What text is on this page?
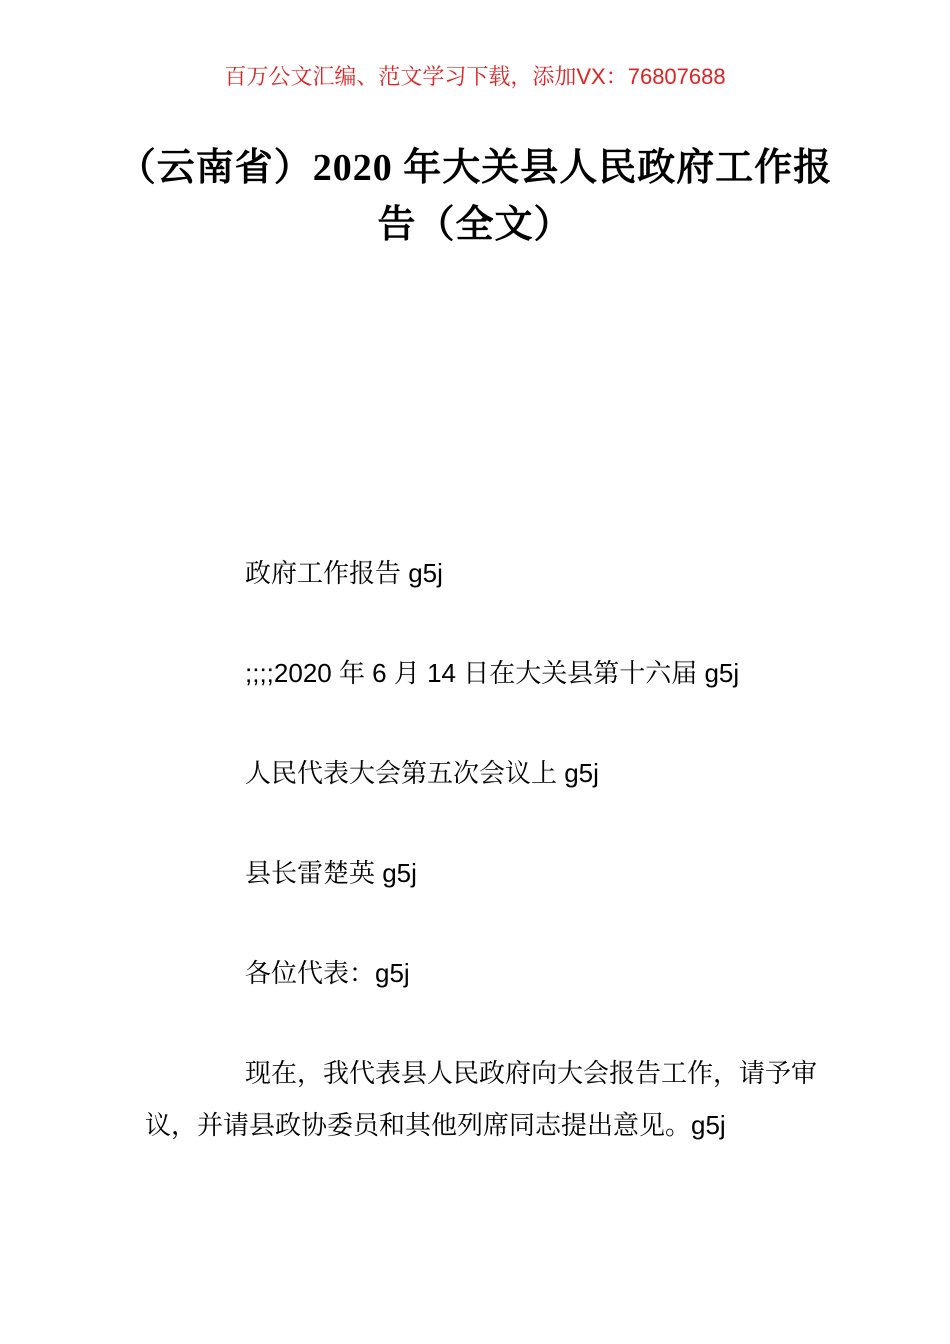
百万公文汇编、范文学习下载，添加VX：76807688
（云南省）2020 年大关县人民政府工作报
告（全文）

政府工作报告 g5j

;;;;2020 年 6 月 14 日在大关县第十六届 g5j

人民代表大会第五次会议上 g5j

县长雷楚英 g5j

各位代表：g5j

现在，我代表县人民政府向大会报告工作，请予审议，并请县政协委员和其他列席同志提出意见。g5j
